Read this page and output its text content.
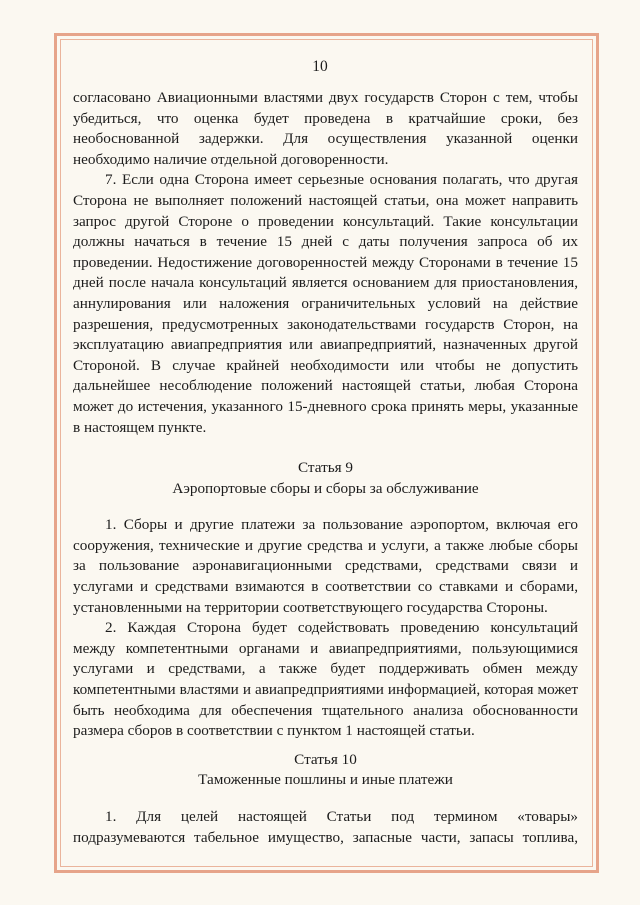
10

согласовано Авиационными властями двух государств Сторон с тем, чтобы убедиться, что оценка будет проведена в кратчайшие сроки, без необоснованной задержки. Для осуществления указанной оценки необходимо наличие отдельной договоренности.

7. Если одна Сторона имеет серьезные основания полагать, что другая Сторона не выполняет положений настоящей статьи, она может направить запрос другой Стороне о проведении консультаций. Такие консультации должны начаться в течение 15 дней с даты получения запроса об их проведении. Недостижение договоренностей между Сторонами в течение 15 дней после начала консультаций является основанием для приостановления, аннулирования или наложения ограничительных условий на действие разрешения, предусмотренных законодательствами государств Сторон, на эксплуатацию авиапредприятия или авиапредприятий, назначенных другой Стороной. В случае крайней необходимости или чтобы не допустить дальнейшее несоблюдение положений настоящей статьи, любая Сторона может до истечения, указанного 15-дневного срока принять меры, указанные в настоящем пункте.

Статья 9

Аэропортовые сборы и сборы за обслуживание

1. Сборы и другие платежи за пользование аэропортом, включая его сооружения, технические и другие средства и услуги, а также любые сборы за пользование аэронавигационными средствами, средствами связи и услугами и средствами взимаются в соответствии со ставками и сборами, установленными на территории соответствующего государства Стороны.

2. Каждая Сторона будет содействовать проведению консультаций между компетентными органами и авиапредприятиями, пользующимися услугами и средствами, а также будет поддерживать обмен между компетентными властями и авиапредприятиями информацией, которая может быть необходима для обеспечения тщательного анализа обоснованности размера сборов в соответствии с пунктом 1 настоящей статьи.

Статья 10

Таможенные пошлины и иные платежи

1. Для целей настоящей Статьи под термином «товары» подразумеваются табельное имущество, запасные части, запасы топлива,
